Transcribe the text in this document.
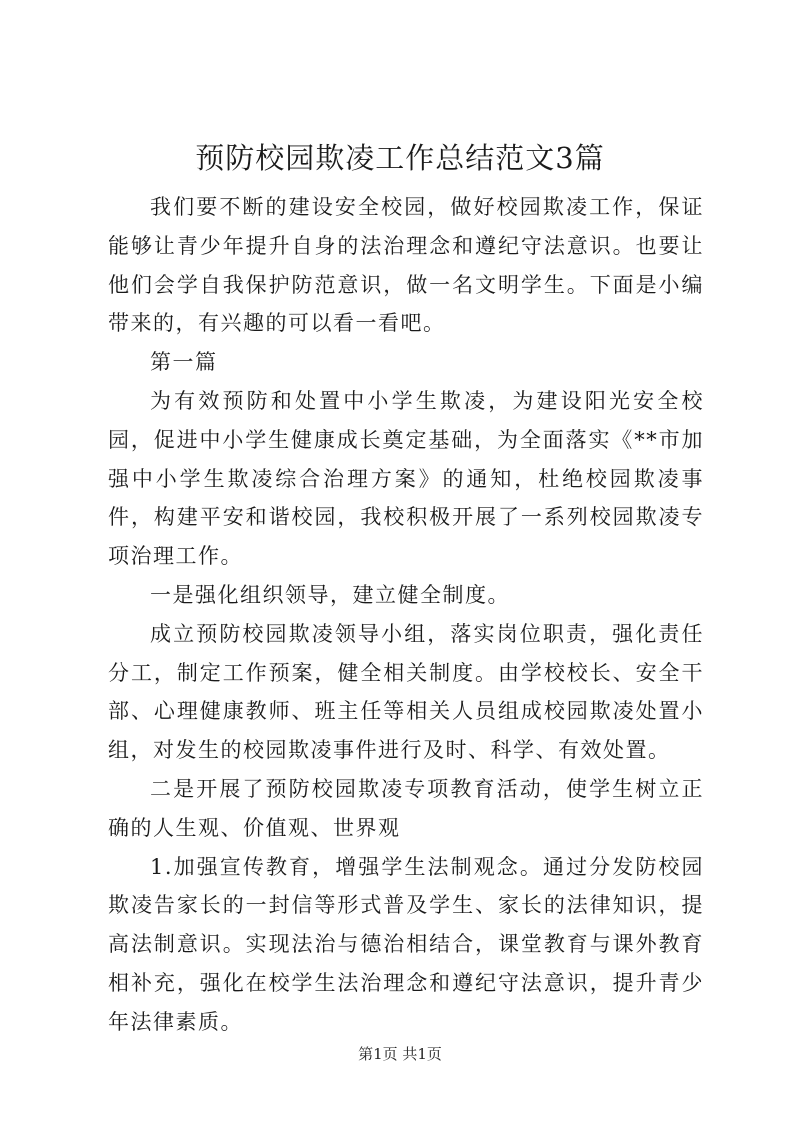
预防校园欺凌工作总结范文3篇

我们要不断的建设安全校园，做好校园欺凌工作，保证能够让青少年提升自身的法治理念和遵纪守法意识。也要让他们会学自我保护防范意识，做一名文明学生。下面是小编带来的，有兴趣的可以看一看吧。

第一篇

为有效预防和处置中小学生欺凌，为建设阳光安全校园，促进中小学生健康成长奠定基础，为全面落实《**市加强中小学生欺凌综合治理方案》的通知，杜绝校园欺凌事件，构建平安和谐校园，我校积极开展了一系列校园欺凌专项治理工作。

一是强化组织领导，建立健全制度。

成立预防校园欺凌领导小组，落实岗位职责，强化责任分工，制定工作预案，健全相关制度。由学校校长、安全干部、心理健康教师、班主任等相关人员组成校园欺凌处置小组，对发生的校园欺凌事件进行及时、科学、有效处置。

二是开展了预防校园欺凌专项教育活动，使学生树立正确的人生观、价值观、世界观

1.加强宣传教育，增强学生法制观念。通过分发防校园欺凌告家长的一封信等形式普及学生、家长的法律知识，提高法制意识。实现法治与德治相结合，课堂教育与课外教育相补充，强化在校学生法治理念和遵纪守法意识，提升青少年法律素质。

第1页 共1页
